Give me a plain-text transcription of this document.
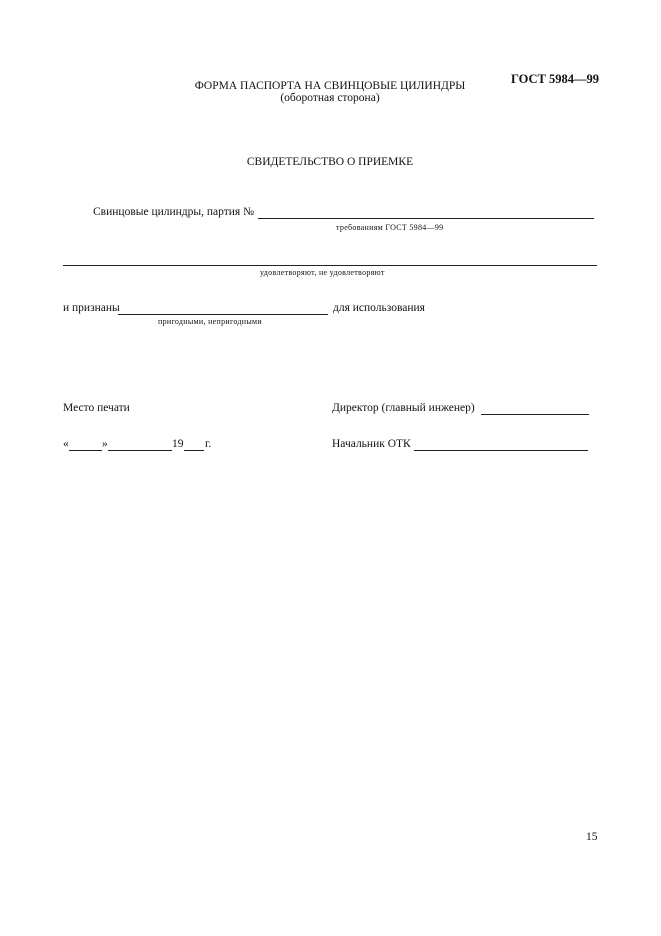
ГОСТ 5984—99
ФОРМА ПАСПОРТА НА СВИНЦОВЫЕ ЦИЛИНДРЫ
(оборотная сторона)
СВИДЕТЕЛЬСТВО О ПРИЕМКЕ
Свинцовые цилиндры, партия №
требованиям ГОСТ 5984—99
удовлетворяют, не удовлетворяют
и признаны	для использования
пригодными, непригодными
Место печати	Директор (главный инженер)
«	»	19 г.	Начальник ОТК
15
